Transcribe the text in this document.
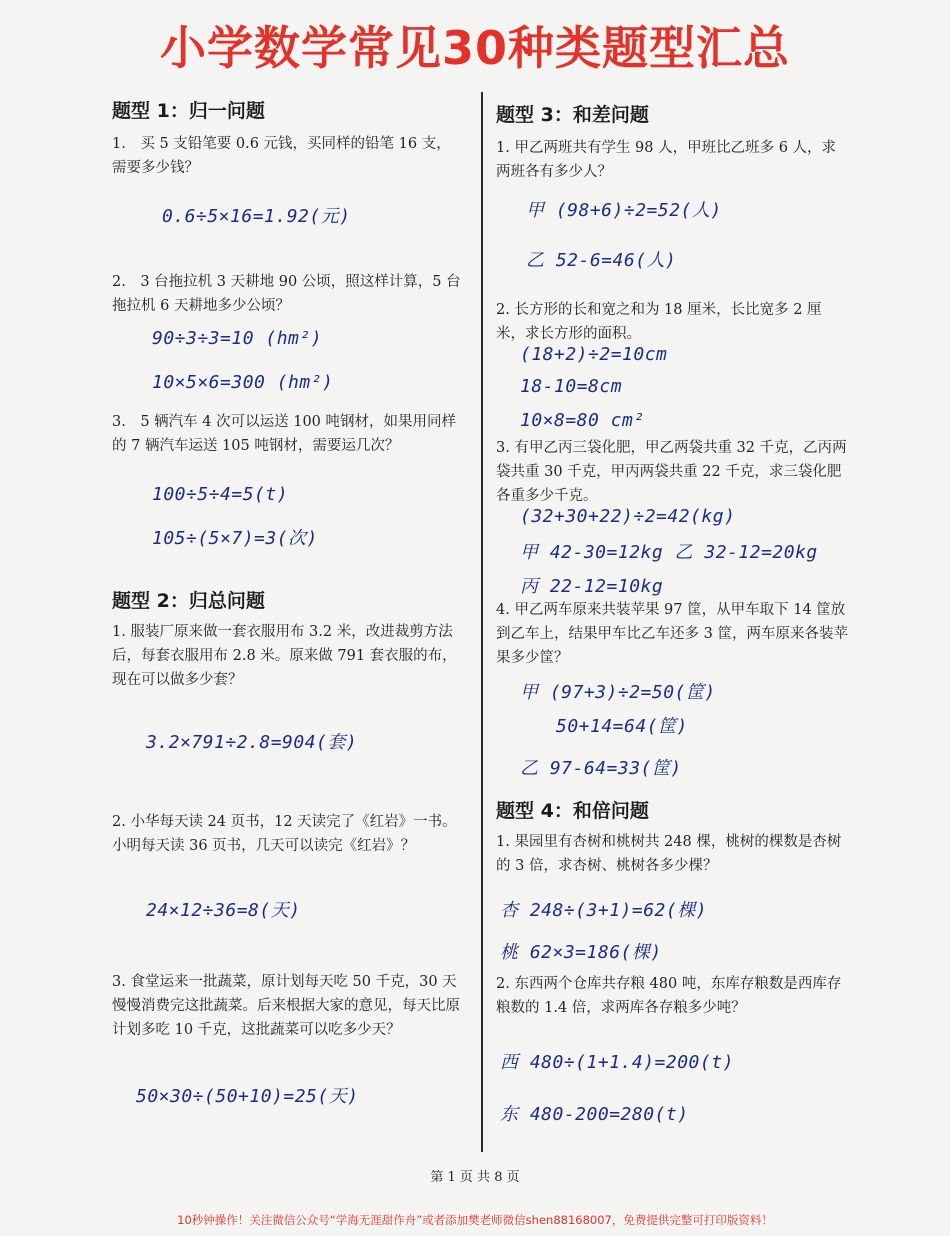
小学数学常见30种类题型汇总
题型 1：归一问题
1.　买 5 支铅笔要 0.6 元钱，买同样的铅笔 16 支，需要多少钱？
0.6÷5×16=1.92(元)
2.　3 台拖拉机 3 天耕地 90 公顷，照这样计算，5 台拖拉机 6 天耕地多少公顷？
90÷3÷3=10 (hm²)
10×5×6=300 (hm²)
3.　5 辆汽车 4 次可以运送 100 吨钢材，如果用同样的 7 辆汽车运送 105 吨钢材，需要运几次？
100÷5÷4=5(t)
105÷(5×7)=3(次)
题型 2：归总问题
1. 服装厂原来做一套衣服用布 3.2 米，改进裁剪方法后，每套衣服用布 2.8 米。原来做 791 套衣服的布，现在可以做多少套？
3.2×791÷2.8=904(套)
2. 小华每天读 24 页书，12 天读完了《红岩》一书。小明每天读 36 页书，几天可以读完《红岩》？
24×12÷36=8(天)
3. 食堂运来一批蔬菜，原计划每天吃 50 千克，30 天慢慢消费完这批蔬菜。后来根据大家的意见，每天比原计划多吃 10 千克，这批蔬菜可以吃多少天？
50×30÷(50+10)=25(天)
题型 3：和差问题
1. 甲乙两班共有学生 98 人，甲班比乙班多 6 人，求两班各有多少人？
甲 (98+6)÷2=52(人)
乙 52-6=46(人)
2. 长方形的长和宽之和为 18 厘米，长比宽多 2 厘米，求长方形的面积。
(18+2)÷2=10cm
18-10=8cm
10×8=80 cm²
3. 有甲乙丙三袋化肥，甲乙两袋共重 32 千克，乙丙两袋共重 30 千克，甲丙两袋共重 22 千克，求三袋化肥各重多少千克。
(32+30+22)÷2=42(kg)
甲 42-30=12kg 乙 32-12=20kg
丙 22-12=10kg
4. 甲乙两车原来共装苹果 97 筐，从甲车取下 14 筐放到乙车上，结果甲车比乙车还多 3 筐，两车原来各装苹果多少筐？
甲 (97+3)÷2=50(筐)
50+14=64(筐)
乙 97-64=33(筐)
题型 4：和倍问题
1. 果园里有杏树和桃树共 248 棵，桃树的棵数是杏树的 3 倍，求杏树、桃树各多少棵？
杏 248÷(3+1)=62(棵)
桃 62×3=186(棵)
2. 东西两个仓库共存粮 480 吨，东库存粮数是西库存粮数的 1.4 倍，求两库各存粮多少吨？
西 480÷(1+1.4)=200(t)
东 480-200=280(t)
第 1 页 共 8 页
10秒钟操作！关注微信公众号“学海无涯甜作舟”或者添加樊老师微信shen88168007，免费提供完整可打印版资料！
